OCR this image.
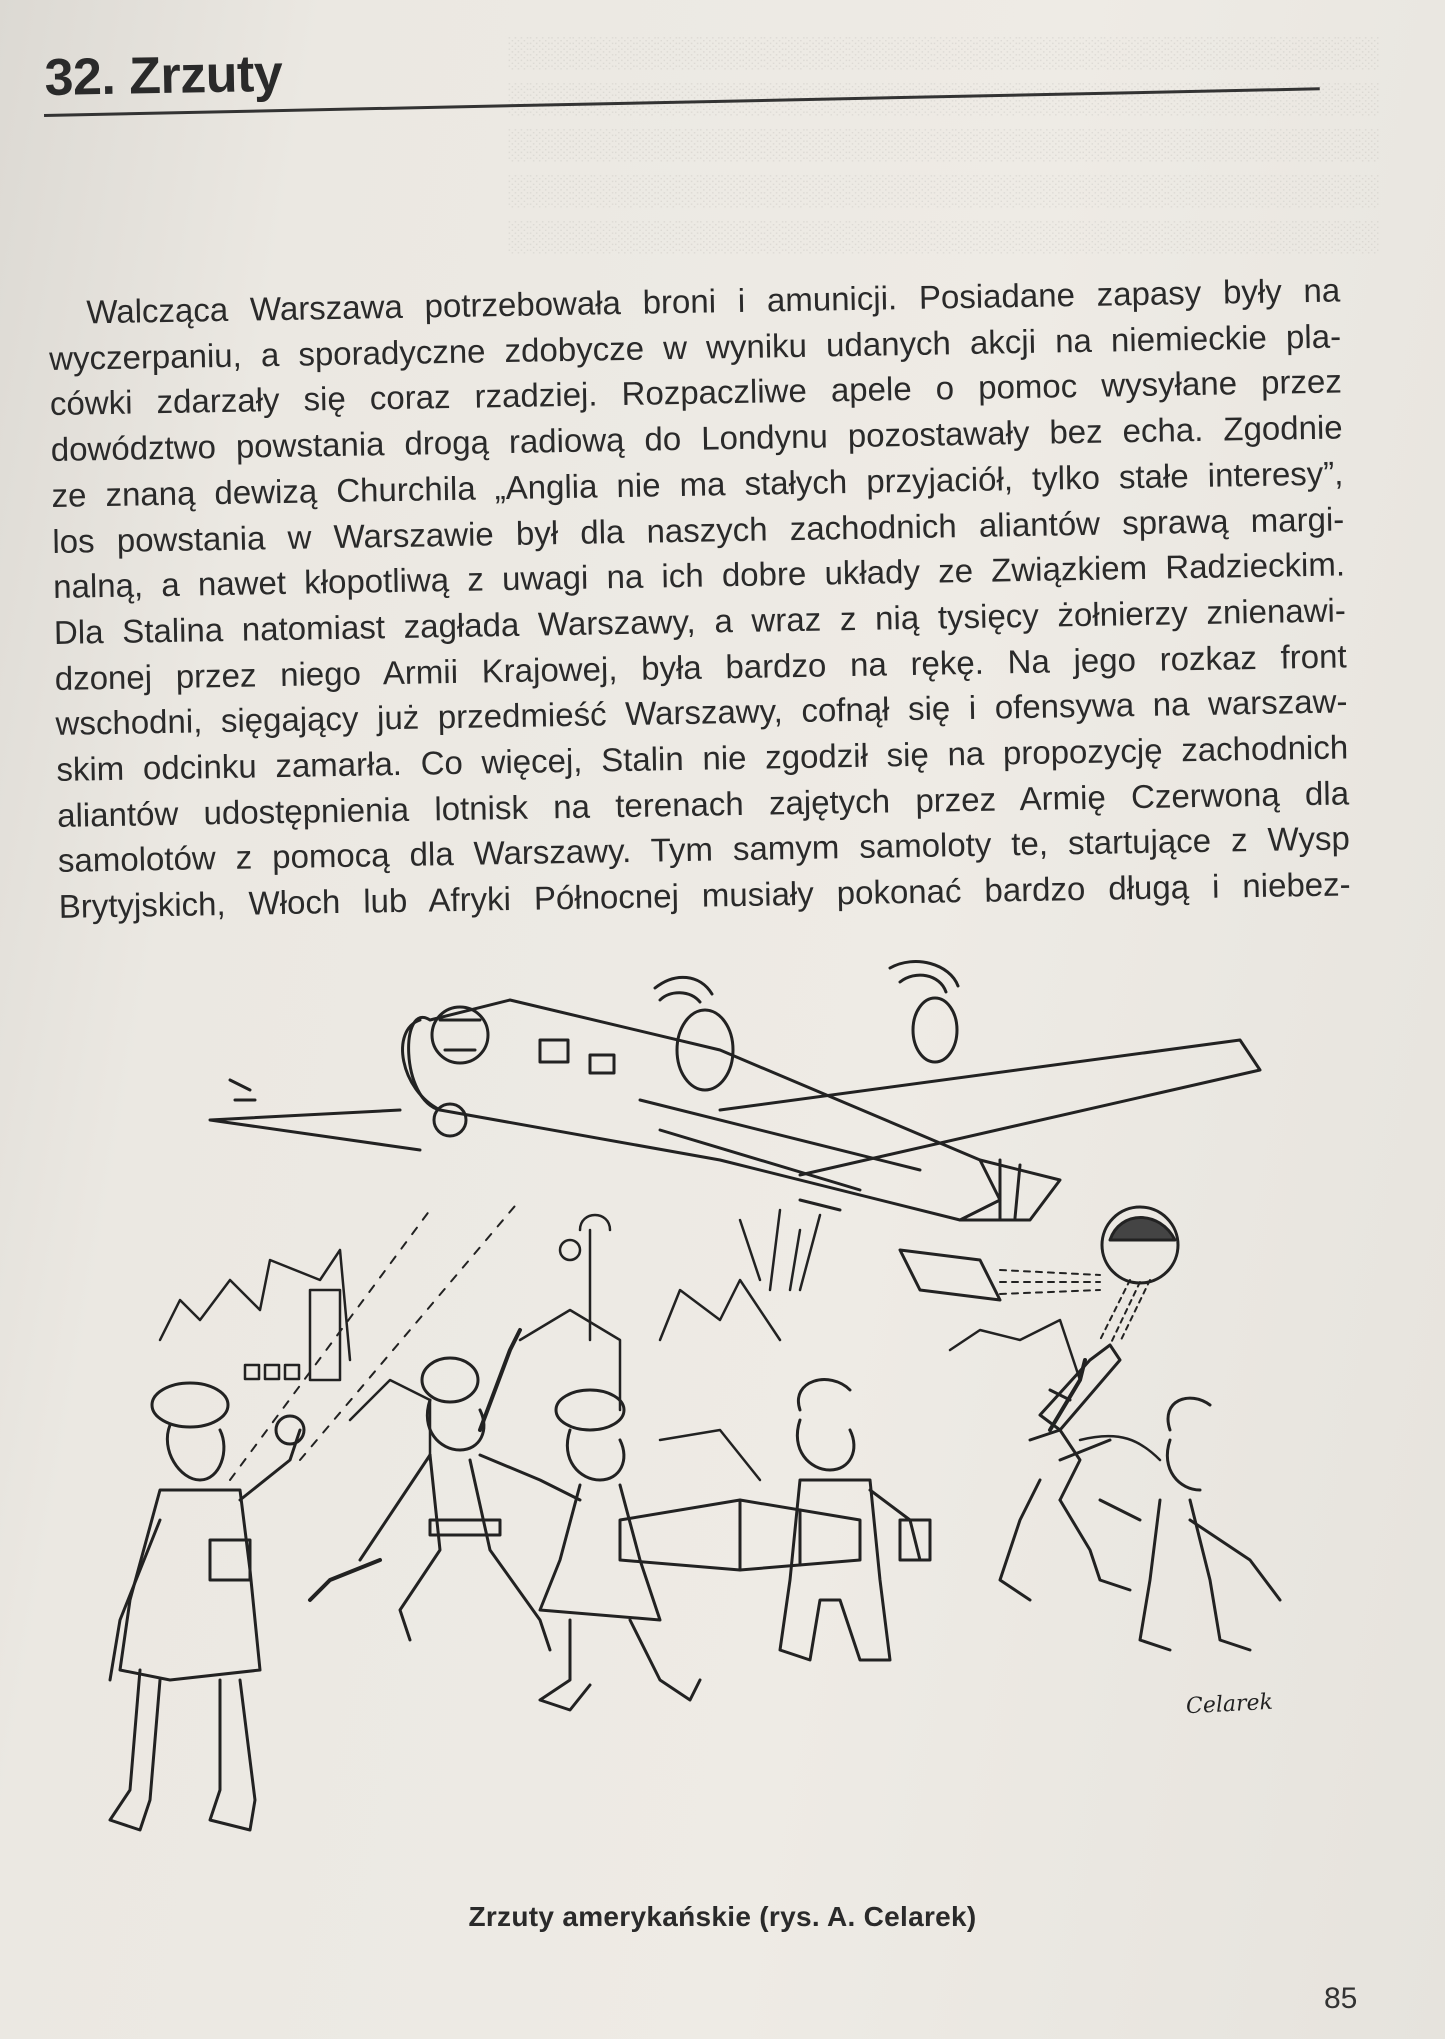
░░░░░░░░░░░░░░░░░░░░░░░░░░░░░░░░░░░░░░░░░
░░░░░░░░░░░░░░░░░░░░░░░░░░░░░░░░░░░░░░░░░
░░░░░░░░░░░░░░░░░░░░░░░░░░░░░░░░░░░░░░░░░
░░░░░░░░░░░░░░░░░░░░░░░░░░░░░░░░░░░░░░░░░
░░░░░░░░░░░░░░░░░░░░░░░░░░░░░░░░░░░░░░░░░
32. Zrzuty
Walcząca Warszawa potrzebowała broni i amunicji. Posiadane zapasy były na
wyczerpaniu, a sporadyczne zdobycze w wyniku udanych akcji na niemieckie pla-
cówki zdarzały się coraz rzadziej. Rozpaczliwe apele o pomoc wysyłane przez
dowództwo powstania drogą radiową do Londynu pozostawały bez echa. Zgodnie
ze znaną dewizą Churchila „Anglia nie ma stałych przyjaciół, tylko stałe interesy”,
los powstania w Warszawie był dla naszych zachodnich aliantów sprawą margi-
nalną, a nawet kłopotliwą z uwagi na ich dobre układy ze Związkiem Radzieckim.
Dla Stalina natomiast zagłada Warszawy, a wraz z nią tysięcy żołnierzy znienawi-
dzonej przez niego Armii Krajowej, była bardzo na rękę. Na jego rozkaz front
wschodni, sięgający już przedmieść Warszawy, cofnął się i ofensywa na warszaw-
skim odcinku zamarła. Co więcej, Stalin nie zgodził się na propozycję zachodnich
aliantów udostępnienia lotnisk na terenach zajętych przez Armię Czerwoną dla
samolotów z pomocą dla Warszawy. Tym samym samoloty te, startujące z Wysp
Brytyjskich, Włoch lub Afryki Północnej musiały pokonać bardzo długą i niebez-
Celarek
Zrzuty amerykańskie (rys. A. Celarek)
85
